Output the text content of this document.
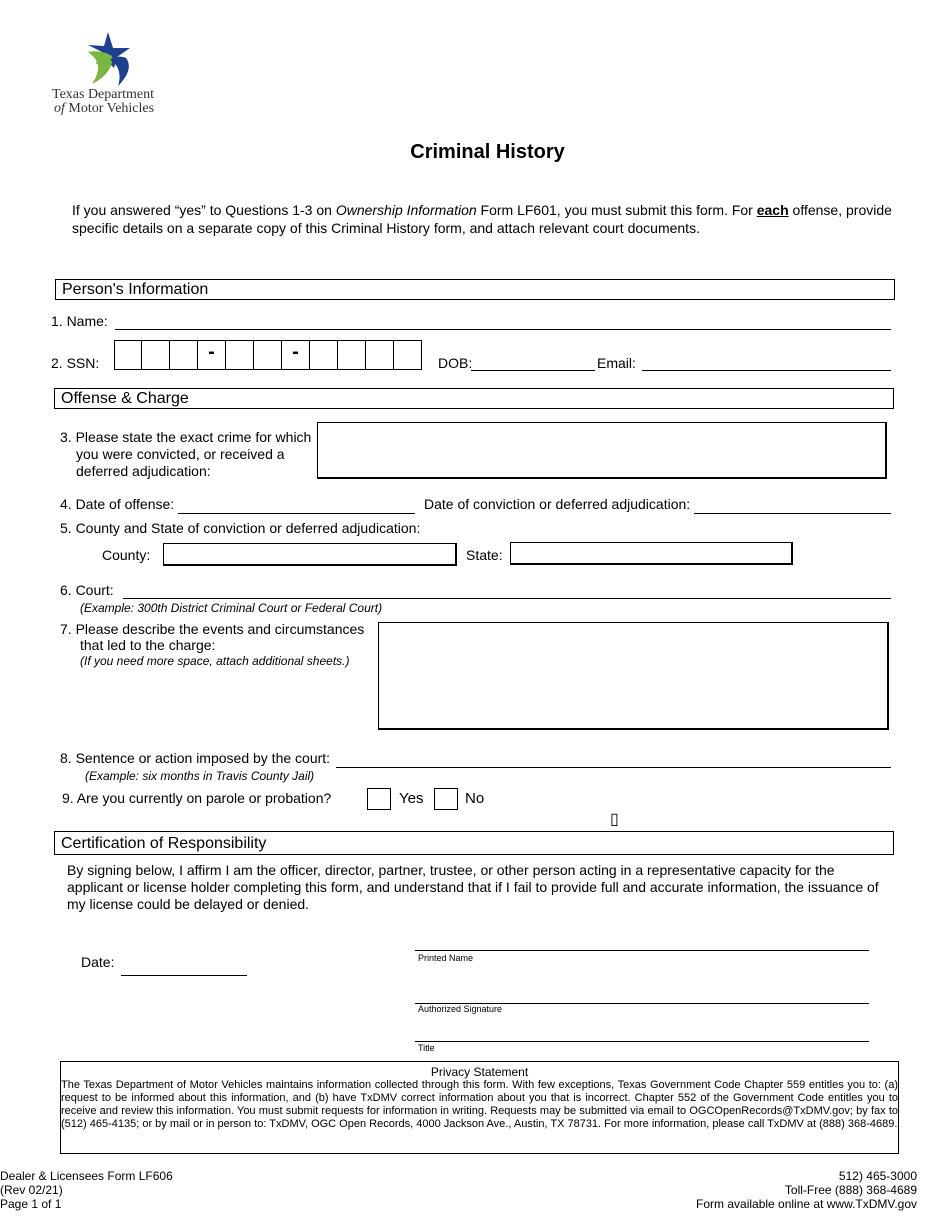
Texas Department
of Motor Vehicles
Criminal History
If you answered “yes” to Questions 1-3 on Ownership Information Form LF601, you must submit this form. For each offense, provide specific details on a separate copy of this Criminal History form, and attach relevant court documents.
Person's Information
1. Name:
2. SSN:	-	-	DOB:	Email:
Offense & Charge
3. Please state the exact crime for which
you were convicted, or received a
deferred adjudication:
4. Date of offense:	Date of conviction or deferred adjudication:
5. County and State of conviction or deferred adjudication:
County:	State:
6. Court:
(Example: 300th District Criminal Court or Federal Court)
7. Please describe the events and circumstances
that led to the charge:
(If you need more space, attach additional sheets.)
8. Sentence or action imposed by the court:
(Example: six months in Travis County Jail)
9. Are you currently on parole or probation?	Yes	No
▯
Certification of Responsibility
By signing below, I affirm I am the officer, director, partner, trustee, or other person acting in a representative capacity for the applicant or license holder completing this form, and understand that if I fail to provide full and accurate information, the issuance of my license could be delayed or denied.
Date:	Printed Name
Authorized Signature
Title
Privacy Statement
The Texas Department of Motor Vehicles maintains information collected through this form. With few exceptions, Texas Government Code Chapter 559 entitles you to: (a) request to be informed about this information, and (b) have TxDMV correct information about you that is incorrect. Chapter 552 of the Government Code entitles you to receive and review this information. You must submit requests for information in writing. Requests may be submitted via email to OGCOpenRecords@TxDMV.gov; by fax to (512) 465-4135; or by mail or in person to: TxDMV, OGC Open Records, 4000 Jackson Ave., Austin, TX 78731. For more information, please call TxDMV at (888) 368-4689.
Dealer & Licensees Form LF606
(Rev 02/21)
Page 1 of 1
512) 465-3000
Toll-Free (888) 368-4689
Form available online at www.TxDMV.gov
